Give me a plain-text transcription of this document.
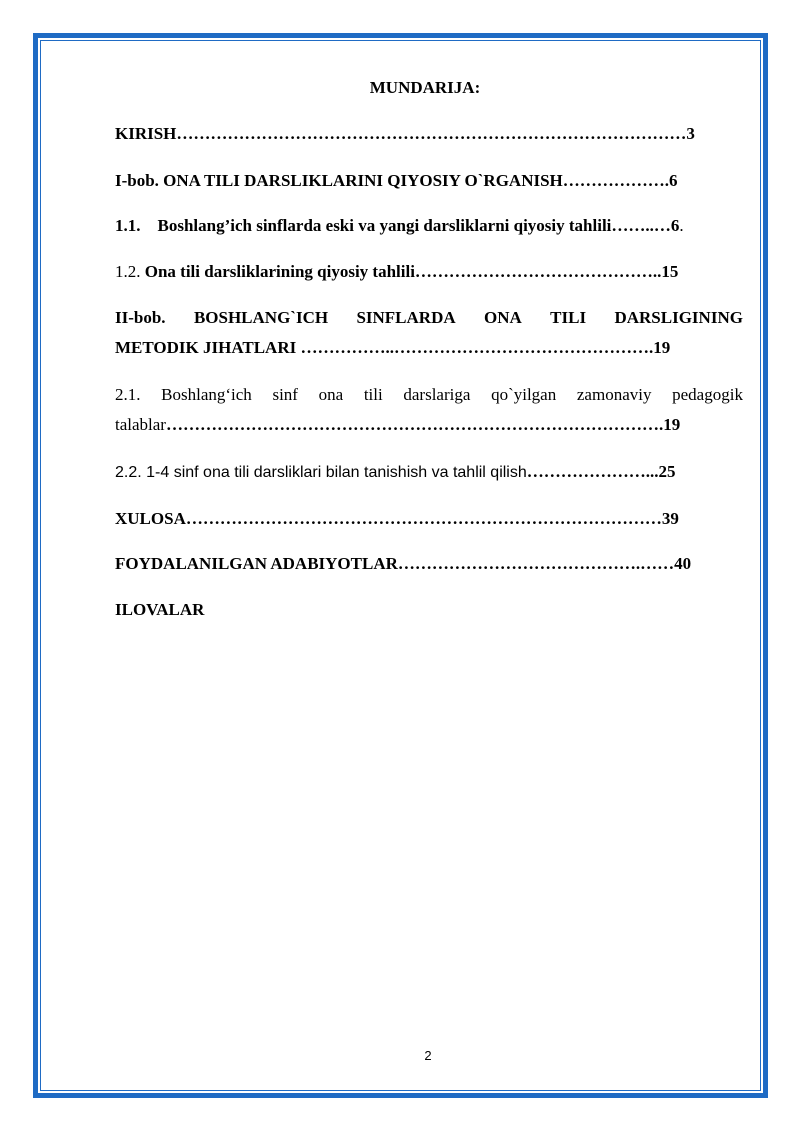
MUNDARIJA:
KIRISH………………………………………………………………………………3
I-bob. ONA TILI DARSLIKLARINI QIYOSIY O`RGANISH……………….6
1.1. Boshlang’ich sinflarda eski va yangi darsliklarni qiyosiy tahlili……..…6.
1.2. Ona tili darsliklarining qiyosiy tahlili……………………………………..15
II-bob. BOSHLANG`ICH SINFLARDA ONA TILI DARSLIGINING
METODIK JIHATLARI ……………..……………………………………….19
2.1. Boshlang‘ich sinf ona tili darslariga qo`yilgan zamonaviy pedagogik
talablar…………………………………………………………………………….19
2.2. 1-4 sinf ona tili darsliklari bilan tanishish va tahlil qilish…………………...25
XULOSA…………………………………………………………………………39
FOYDALANILGAN ADABIYOTLAR…………………………………….……40
ILOVALAR
2
